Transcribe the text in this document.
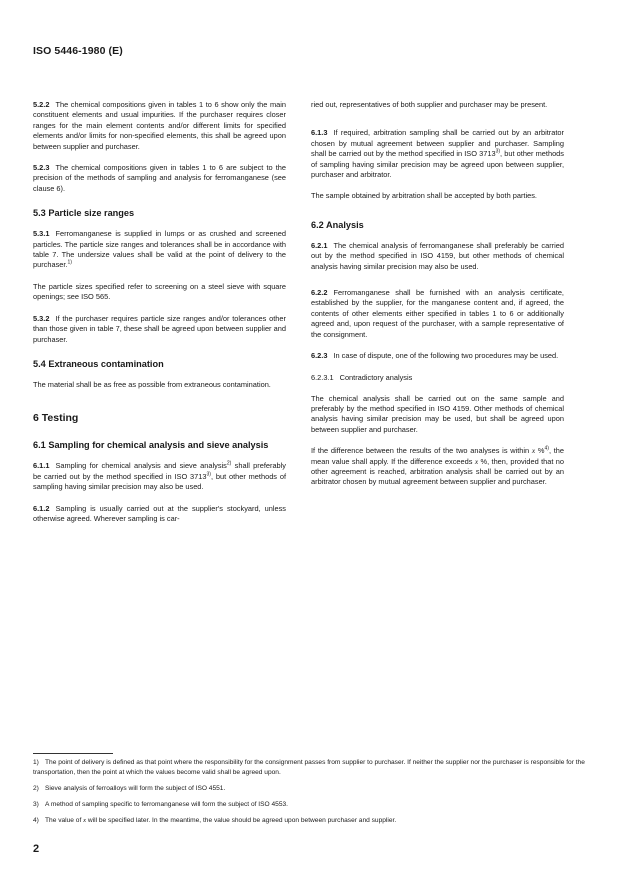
ISO 5446-1980 (E)

5.2.2 The chemical compositions given in tables 1 to 6 show only the main constituent elements and usual impurities. If the purchaser requires closer ranges for the main element contents and/or different limits for specified elements and/or limits for non-specified elements, this shall be agreed upon between supplier and purchaser.

5.2.3 The chemical compositions given in tables 1 to 6 are subject to the precision of the methods of sampling and analysis for ferromanganese (see clause 6).

5.3 Particle size ranges

5.3.1 Ferromanganese is supplied in lumps or as crushed and screened particles. The particle size ranges and tolerances shall be in accordance with table 7. The undersize values shall be valid at the point of delivery to the purchaser.$^{1)}$

The particle sizes specified refer to screening on a steel sieve with square openings; see ISO 565.

5.3.2 If the purchaser requires particle size ranges and/or tolerances other than those given in table 7, these shall be agreed upon between supplier and purchaser.

5.4 Extraneous contamination

The material shall be as free as possible from extraneous contamination.

6 Testing
6.1 Sampling for chemical analysis and sieve analysis

6.1.1 Sampling for chemical analysis and sieve analysis$^{2)}$ shall preferably be carried out by the method specified in ISO 3713$^{3)}$, but other methods of sampling having similar precision may also be used.

6.1.2 Sampling is usually carried out at the supplier's stockyard, unless otherwise agreed. Wherever sampling is car-

ried out, representatives of both supplier and purchaser may be present.

6.1.3 If required, arbitration sampling shall be carried out by an arbitrator chosen by mutual agreement between supplier and purchaser. Sampling shall be carried out by the method specified in ISO 3713$^{3)}$, but other methods of sampling having similar precision may be agreed upon between supplier, purchaser and arbitrator.

The sample obtained by arbitration shall be accepted by both parties.

6.2 Analysis

6.2.1 The chemical analysis of ferromanganese shall preferably be carried out by the method specified in ISO 4159, but other methods of chemical analysis having similar precision may also be used.

6.2.2 Ferromanganese shall be furnished with an analysis certificate, established by the supplier, for the manganese content and, if agreed, the contents of other elements either specified in tables 1 to 6 or additionally agreed and, upon request of the purchaser, with a sample representative of the consignment.

6.2.3 In case of dispute, one of the following two procedures may be used.

6.2.3.1 Contradictory analysis

The chemical analysis shall be carried out on the same sample and preferably by the method specified in ISO 4159. Other methods of chemical analysis having similar precision may be used, but shall be agreed upon between supplier and purchaser.

If the difference between the results of the two analyses is within x %$^{4)}$, the mean value shall apply. If the difference exceeds x %, then, provided that no other agreement is reached, arbitration analysis shall be carried out by an arbitrator chosen by mutual agreement between supplier and purchaser.

1) The point of delivery is defined as that point where the responsibility for the consignment passes from supplier to purchaser. If neither the supplier nor the purchaser is responsible for the transportation, then the point at which the values become valid shall be agreed upon.

2) Sieve analysis of ferroalloys will form the subject of ISO 4551.

3) A method of sampling specific to ferromanganese will form the subject of ISO 4553.

4) The value of x will be specified later. In the meantime, the value should be agreed upon between purchaser and supplier.

2
